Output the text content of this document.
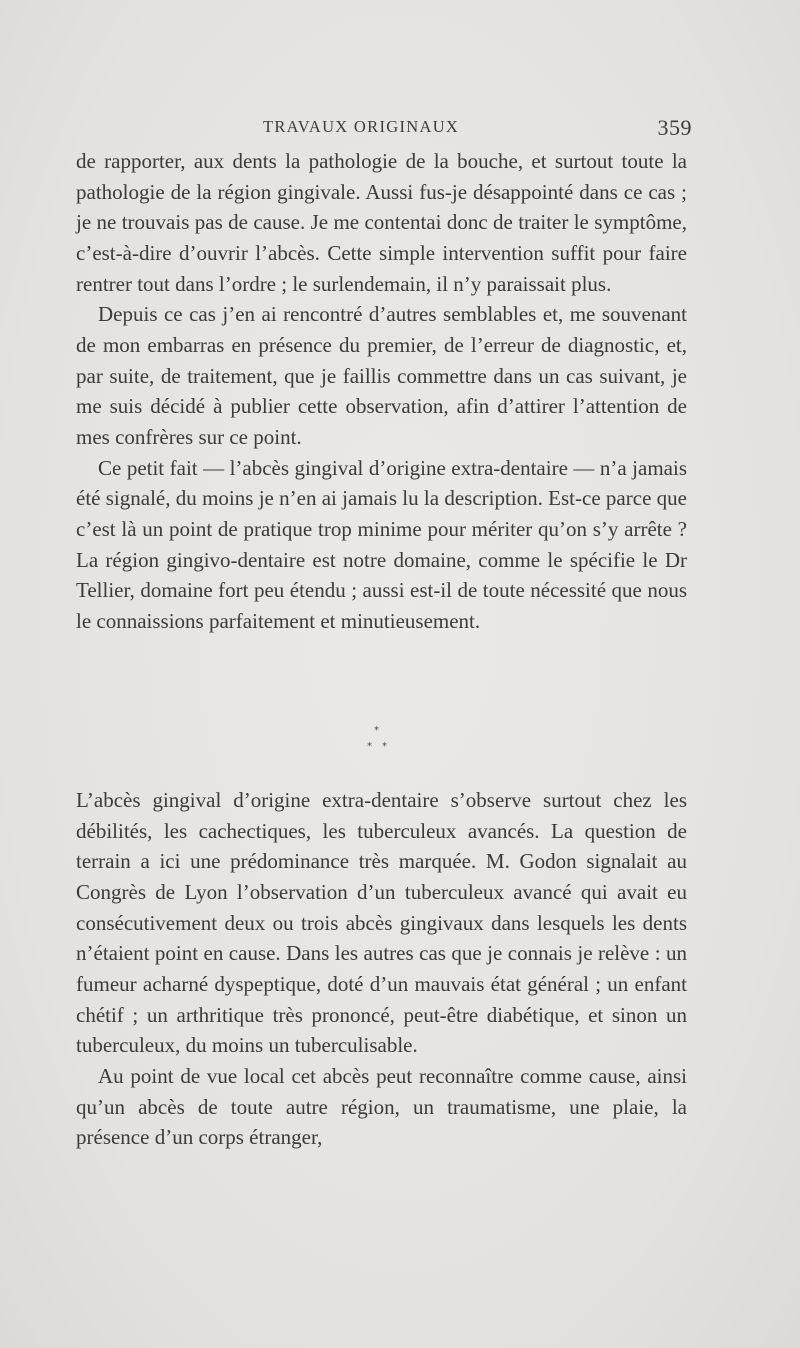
TRAVAUX ORIGINAUX	359

de rapporter, aux dents la pathologie de la bouche, et surtout toute la pathologie de la région gingivale. Aussi fus-je désappointé dans ce cas ; je ne trouvais pas de cause. Je me contentai donc de traiter le symptôme, c’est-à-dire d’ouvrir l’abcès. Cette simple intervention suffit pour faire rentrer tout dans l’ordre ; le surlendemain, il n’y paraissait plus.

Depuis ce cas j’en ai rencontré d’autres semblables et, me souvenant de mon embarras en présence du premier, de l’erreur de diagnostic, et, par suite, de traitement, que je faillis commettre dans un cas suivant, je me suis décidé à publier cette observation, afin d’attirer l’attention de mes confrères sur ce point.

Ce petit fait — l’abcès gingival d’origine extra-dentaire — n’a jamais été signalé, du moins je n’en ai jamais lu la description. Est-ce parce que c’est là un point de pratique trop minime pour mériter qu’on s’y arrête ? La région gingivo-dentaire est notre domaine, comme le spécifie le Dr Tellier, domaine fort peu étendu ; aussi est-il de toute nécessité que nous le connaissions parfaitement et minutieusement.

*
* *

L’abcès gingival d’origine extra-dentaire s’observe surtout chez les débilités, les cachectiques, les tuberculeux avancés. La question de terrain a ici une prédominance très marquée. M. Godon signalait au Congrès de Lyon l’observation d’un tuberculeux avancé qui avait eu consécutivement deux ou trois abcès gingivaux dans lesquels les dents n’étaient point en cause. Dans les autres cas que je connais je relève : un fumeur acharné dyspeptique, doté d’un mauvais état général ; un enfant chétif ; un arthritique très prononcé, peut-être diabétique, et sinon un tuberculeux, du moins un tuberculisable.

Au point de vue local cet abcès peut reconnaître comme cause, ainsi qu’un abcès de toute autre région, un traumatisme, une plaie, la présence d’un corps étranger,
